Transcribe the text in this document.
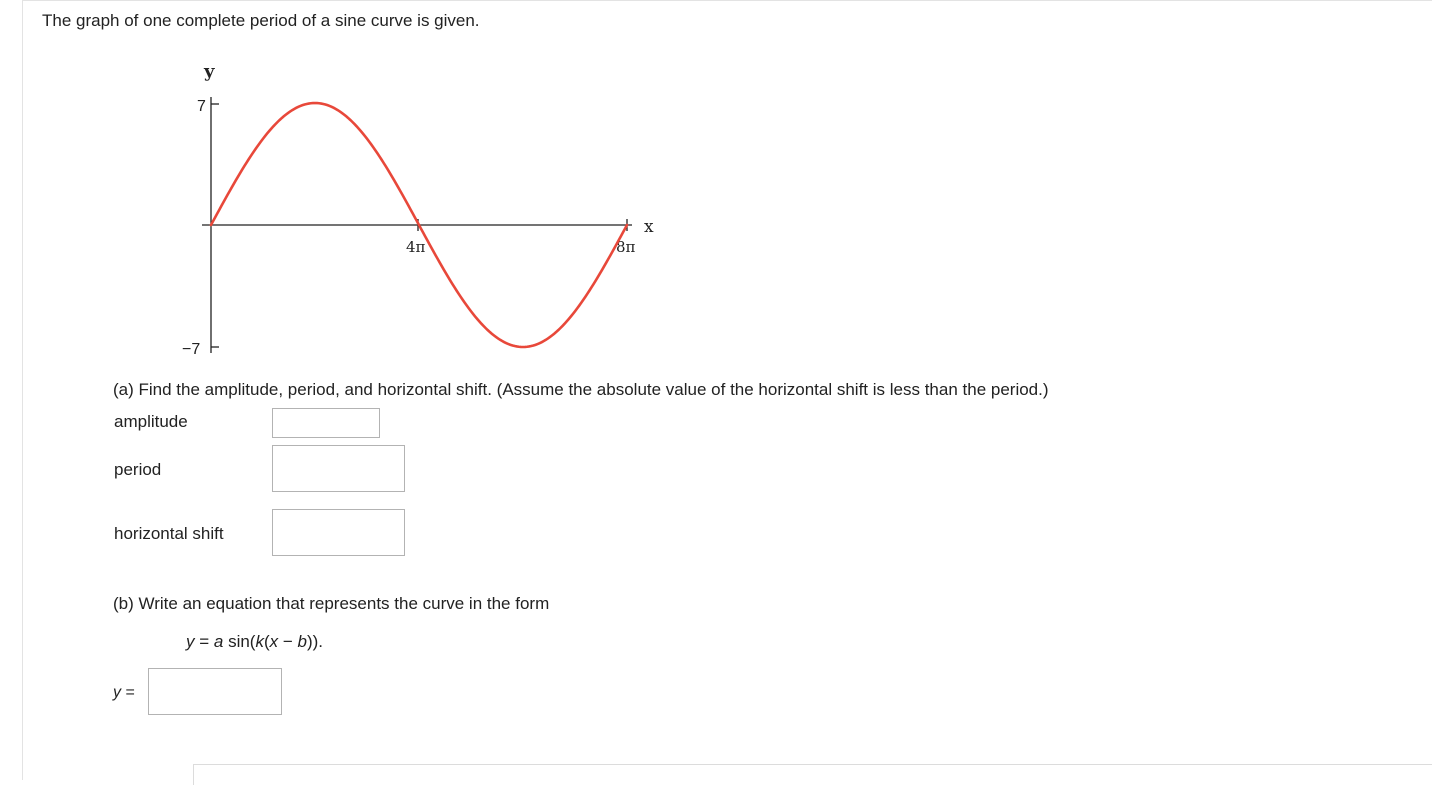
The graph of one complete period of a sine curve is given.
y
x
7
−7
4π	8π
(a) Find the amplitude, period, and horizontal shift. (Assume the absolute value of the horizontal shift is less than the period.)
amplitude
period
horizontal shift
(b) Write an equation that represents the curve in the form
y = a sin(k(x − b)).
y =
